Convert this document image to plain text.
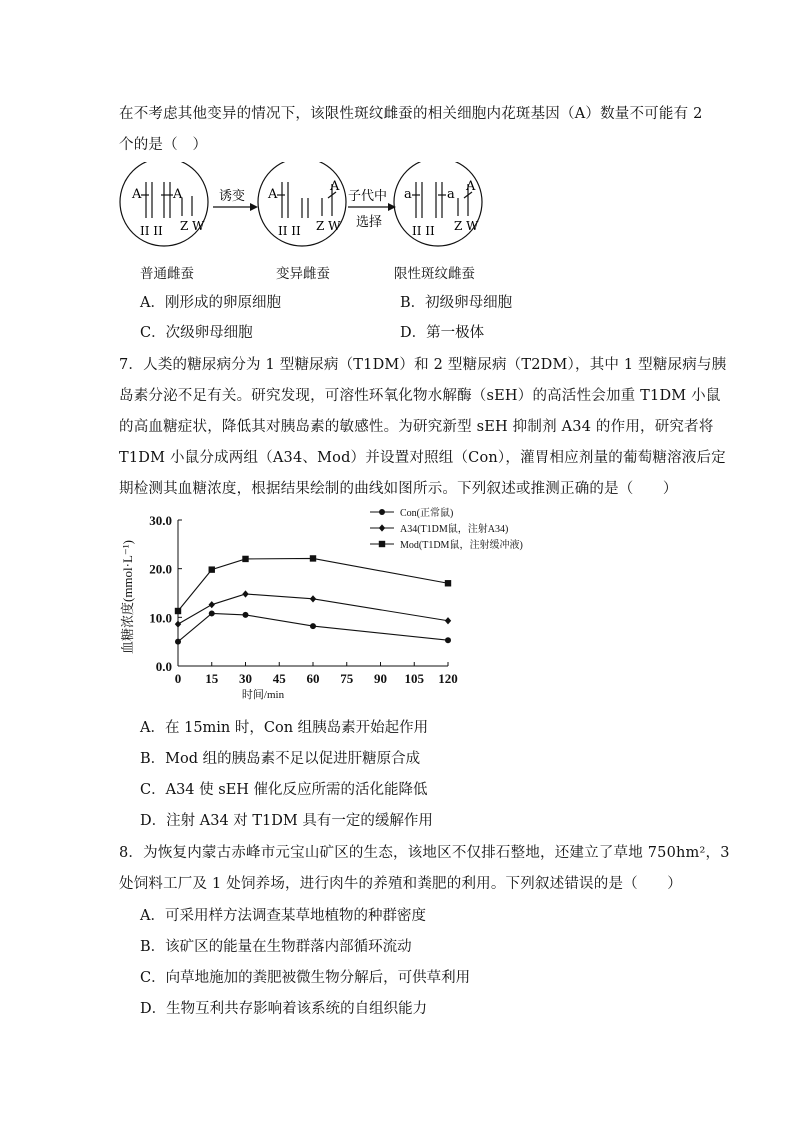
在不考虑其他变异的情况下，该限性斑纹雌蚕的相关细胞内花斑基因（A）数量不可能有 2
个的是（　）
A A
II II Z W
诱变 A
A
II II Z W
子代中
选择
a	a
A
II II Z W
普通雌蚕	变异雌蚕	限性斑纹雌蚕
A．刚形成的卵原细胞	B．初级卵母细胞
C．次级卵母细胞	D．第一极体
7．人类的糖尿病分为 1 型糖尿病（T1DM）和 2 型糖尿病（T2DM），其中 1 型糖尿病与胰
岛素分泌不足有关。研究发现，可溶性环氧化物水解酶（sEH）的高活性会加重 T1DM 小鼠
的高血糖症状，降低其对胰岛素的敏感性。为研究新型 sEH 抑制剂 A34 的作用，研究者将
T1DM 小鼠分成两组（A34、Mod）并设置对照组（Con），灌胃相应剂量的葡萄糖溶液后定
期检测其血糖浓度，根据结果绘制的曲线如图所示。下列叙述或推测正确的是（　　）
0.0
10.0
20.0
30.0
0 15 30 45 60 75 90 105 120
时间/min
血糖浓度(mmol·L⁻¹)
Con(正常鼠)
A34(T1DM鼠，注射A34)
Mod(T1DM鼠，注射缓冲液)
A．在 15min 时，Con 组胰岛素开始起作用
B．Mod 组的胰岛素不足以促进肝糖原合成
C．A34 使 sEH 催化反应所需的活化能降低
D．注射 A34 对 T1DM 具有一定的缓解作用
8．为恢复内蒙古赤峰市元宝山矿区的生态，该地区不仅排石整地，还建立了草地 750hm²，3
处饲料工厂及 1 处饲养场，进行肉牛的养殖和粪肥的利用。下列叙述错误的是（　　）
A．可采用样方法调查某草地植物的种群密度
B．该矿区的能量在生物群落内部循环流动
C．向草地施加的粪肥被微生物分解后，可供草利用
D．生物互利共存影响着该系统的自组织能力
